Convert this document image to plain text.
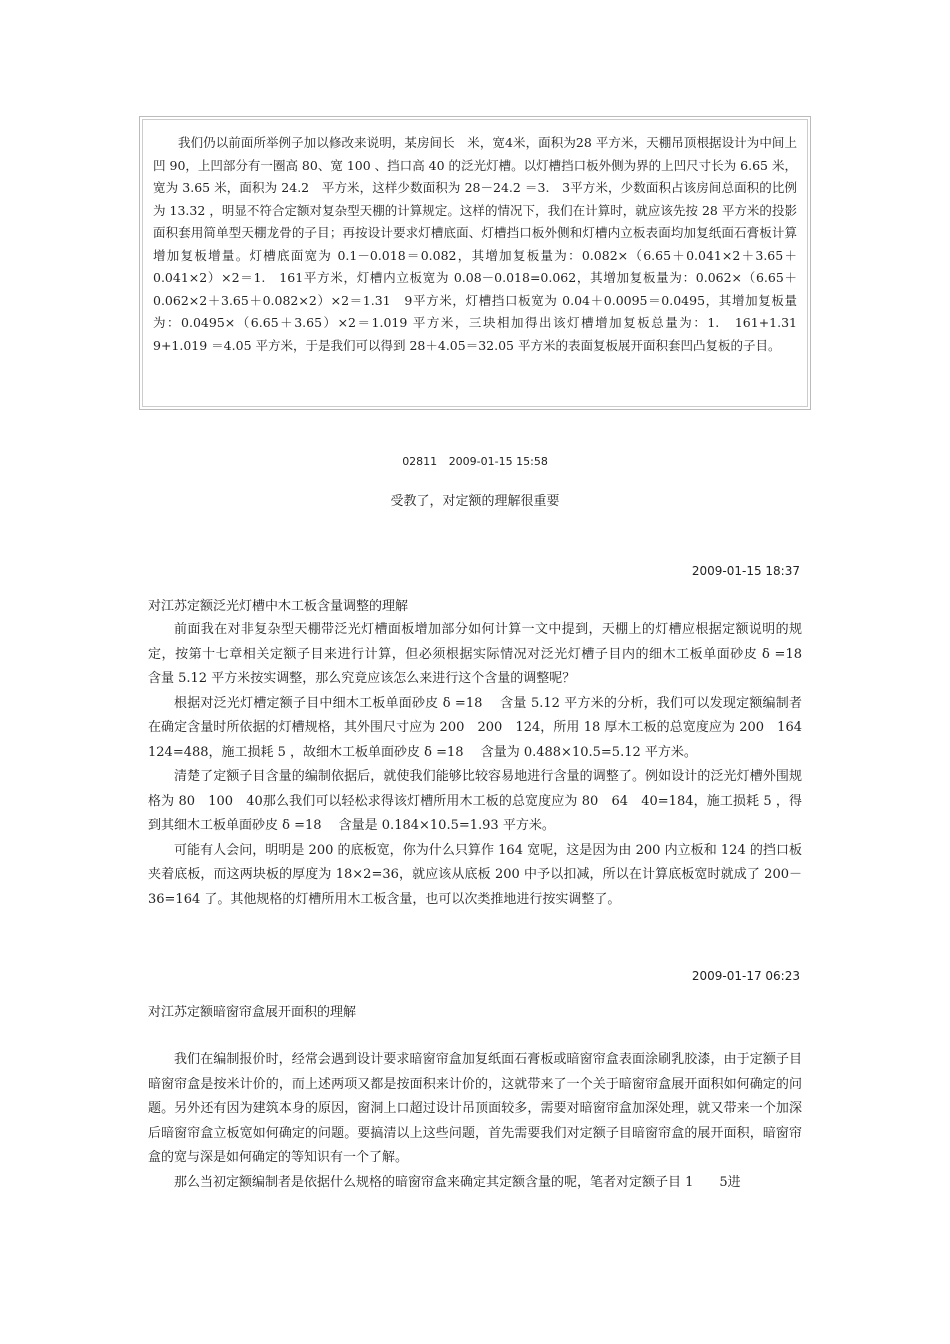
我们仍以前面所举例子加以修改来说明，某房间长　米，宽4米，面积为28 平方米，天棚吊顶根据设计为中间上凹 90，上凹部分有一圈高 80、宽 100 、挡口高 40 的泛光灯槽。以灯槽挡口板外侧为界的上凹尺寸长为 6.65 米，宽为 3.65 米，面积为 24.2　平方米，这样少数面积为 28－24.2 ＝3.　3平方米，少数面积占该房间总面积的比例为 13.32 ，明显不符合定额对复杂型天棚的计算规定。这样的情况下，我们在计算时，就应该先按 28 平方米的投影面积套用简单型天棚龙骨的子目；再按设计要求灯槽底面、灯槽挡口板外侧和灯槽内立板表面均加复纸面石膏板计算增加复板增量。灯槽底面宽为 0.1－0.018＝0.082，其增加复板量为：0.082×（6.65＋0.041×2＋3.65＋0.041×2）×2＝1.　161平方米，灯槽内立板宽为 0.08－0.018=0.062，其增加复板量为：0.062×（6.65＋0.062×2＋3.65＋0.082×2）×2＝1.31　9平方米，灯槽挡口板宽为 0.04＋0.0095＝0.0495，其增加复板量为：0.0495×（6.65＋3.65）×2＝1.019 平方米，三块相加得出该灯槽增加复板总量为：1.　161+1.31　9+1.019 ＝4.05 平方米，于是我们可以得到 28＋4.05＝32.05 平方米的表面复板展开面积套凹凸复板的子目。

02811 2009-01-15 15:58
受教了，对定额的理解很重要
2009-01-15 18:37

对江苏定额泛光灯槽中木工板含量调整的理解

前面我在对非复杂型天棚带泛光灯槽面板增加部分如何计算一文中提到，天棚上的灯槽应根据定额说明的规定，按第十七章相关定额子目来进行计算，但必须根据实际情况对泛光灯槽子目内的细木工板单面砂皮 δ =18　 含量 5.12 平方米按实调整，那么究竟应该怎么来进行这个含量的调整呢？

根据对泛光灯槽定额子目中细木工板单面砂皮 δ =18　 含量 5.12 平方米的分析，我们可以发现定额编制者在确定含量时所依据的灯槽规格，其外围尺寸应为 200　200　124，所用 18 厚木工板的总宽度应为 200　164　124=488，施工损耗 5 ，故细木工板单面砂皮 δ =18　 含量为 0.488×10.5=5.12 平方米。

清楚了定额子目含量的编制依据后，就使我们能够比较容易地进行含量的调整了。例如设计的泛光灯槽外围规格为 80　100　40那么我们可以轻松求得该灯槽所用木工板的总宽度应为 80　64　40=184，施工损耗 5 ，得到其细木工板单面砂皮 δ =18　 含量是 0.184×10.5=1.93 平方米。

可能有人会问，明明是 200 的底板宽，你为什么只算作 164 宽呢，这是因为由 200 内立板和 124 的挡口板夹着底板，而这两块板的厚度为 18×2=36，就应该从底板 200 中予以扣减，所以在计算底板宽时就成了 200－36=164 了。其他规格的灯槽所用木工板含量，也可以次类推地进行按实调整了。

2009-01-17 06:23

对江苏定额暗窗帘盒展开面积的理解

我们在编制报价时，经常会遇到设计要求暗窗帘盒加复纸面石膏板或暗窗帘盒表面涂刷乳胶漆，由于定额子目暗窗帘盒是按米计价的，而上述两项又都是按面积来计价的，这就带来了一个关于暗窗帘盒展开面积如何确定的问题。另外还有因为建筑本身的原因，窗洞上口超过设计吊顶面较多，需要对暗窗帘盒加深处理，就又带来一个加深后暗窗帘盒立板宽如何确定的问题。要搞清以上这些问题，首先需要我们对定额子目暗窗帘盒的展开面积，暗窗帘盒的宽与深是如何确定的等知识有一个了解。

那么当初定额编制者是依据什么规格的暗窗帘盒来确定其定额含量的呢，笔者对定额子目 1　　5进
